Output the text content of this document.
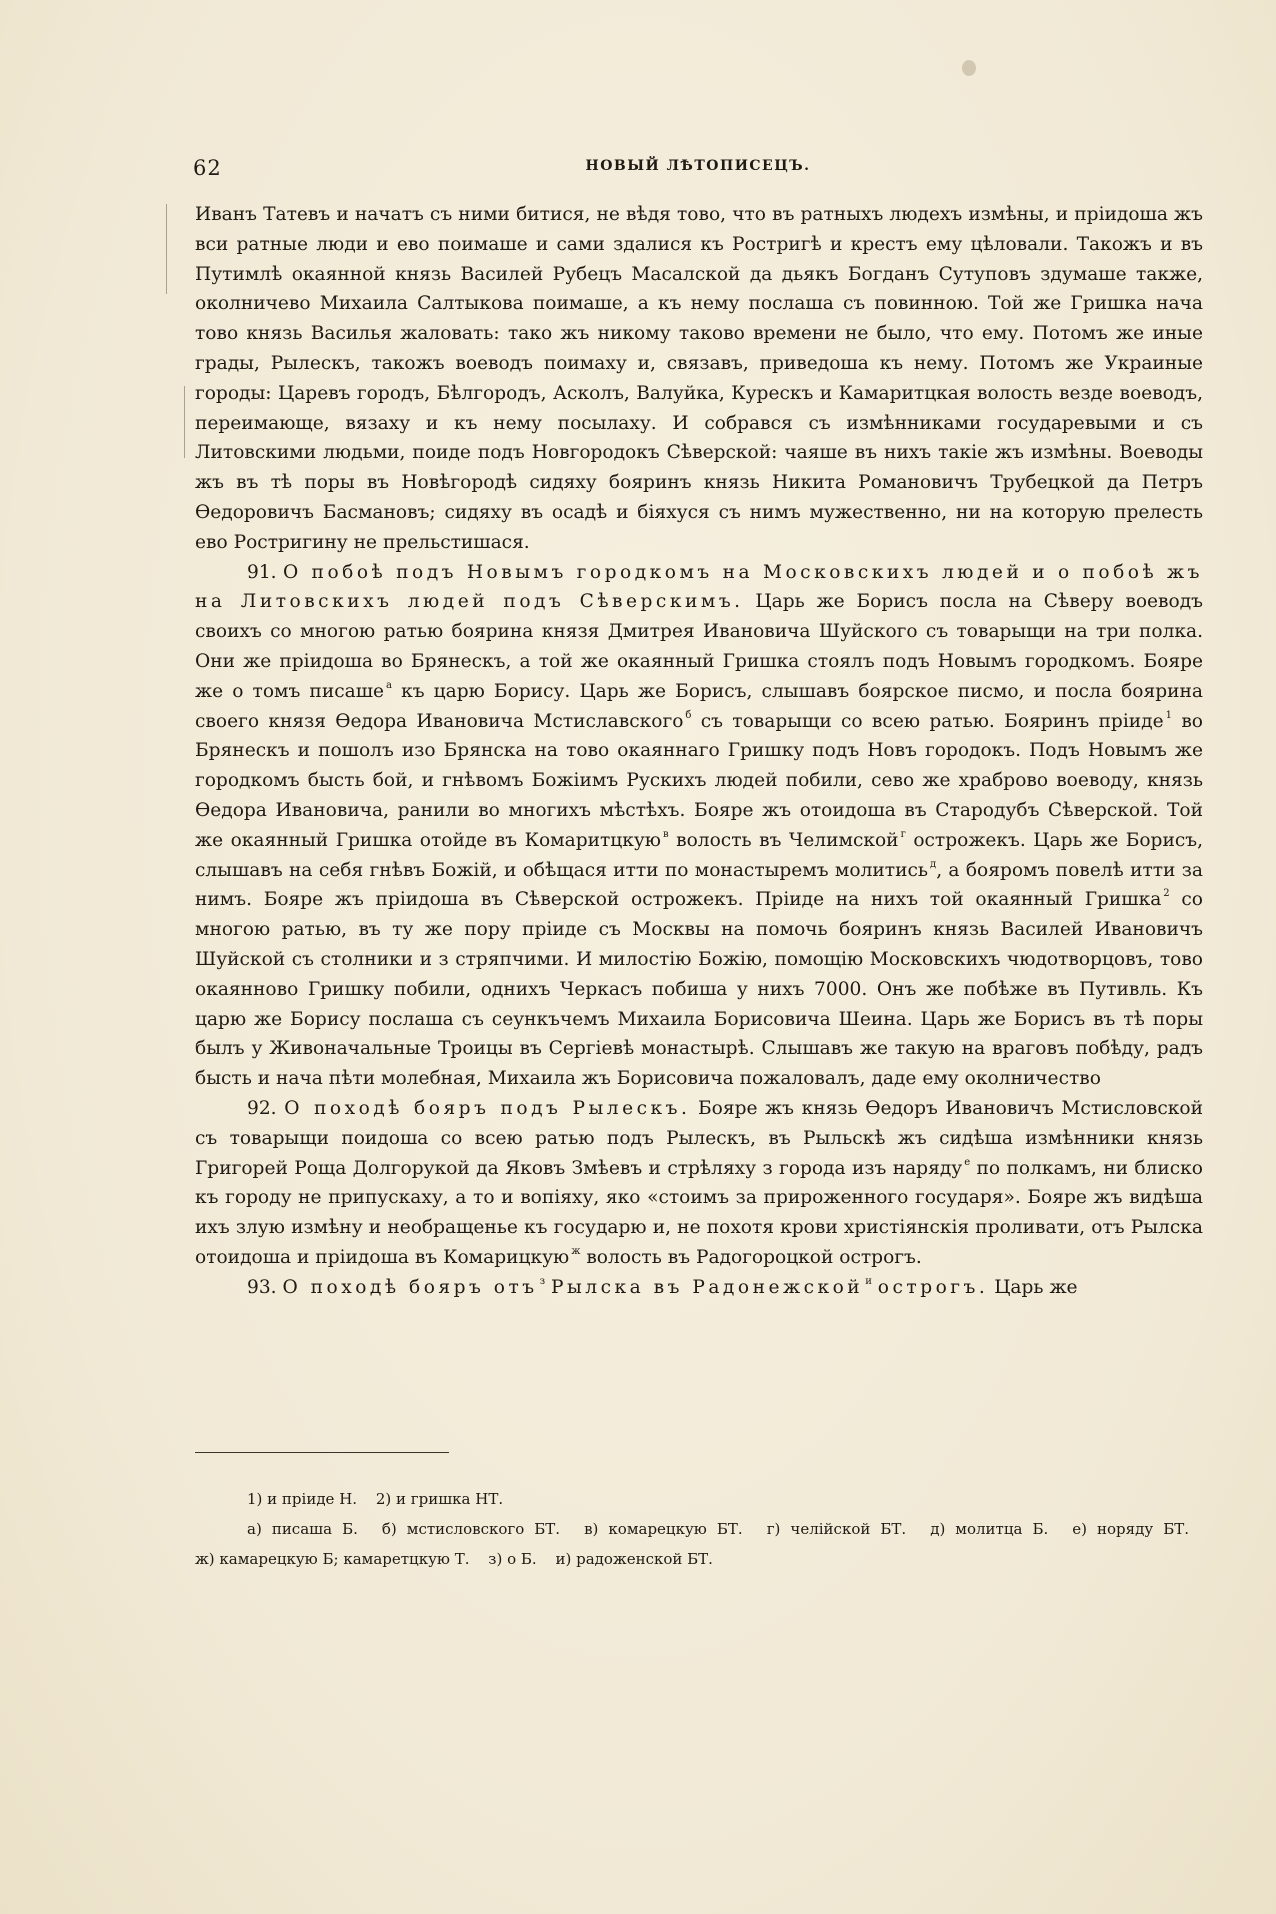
62	НОВЫЙ ЛѢТОПИСЕЦЪ.

Иванъ Татевъ и начатъ съ ними битися, не вѣдя тово, что въ ратныхъ людехъ измѣны, и пріидоша жъ вси ратные люди и ево поимаше и сами здалися къ Ростригѣ и крестъ ему цѣловали. Такожъ и въ Путимлѣ окаянной князь Василей Рубецъ Масалской да дьякъ Богданъ Сутуповъ здумаше также, околничево Михаила Салтыкова поимаше, а къ нему послаша съ повинною. Той же Гришка нача тово князь Василья жаловать: тако жъ никому таково времени не было, что ему. Потомъ же иные грады, Рылескъ, такожъ воеводъ поимаху и, связавъ, приведоша къ нему. Потомъ же Украиные городы: Царевъ городъ, Бѣлгородъ, Асколъ, Валуйка, Курескъ и Камаритцкая волость везде воеводъ, переимающе, вязаху и къ нему посылаху. И собрався съ измѣнниками государевыми и съ Литовскими людьми, поиде подъ Новгородокъ Сѣверской: чаяше въ нихъ такіе жъ измѣны. Воеводы жъ въ тѣ поры въ Новѣгородѣ сидяху бояринъ князь Никита Романовичъ Трубецкой да Петръ Ѳедоровичъ Басмановъ; сидяху въ осадѣ и біяхуся съ нимъ мужественно, ни на которую прелесть ево Ростригину не прельстишася.

91. О побоѣ подъ Новымъ городкомъ на Московскихъ людей и о побоѣ жъ на Литовскихъ людей подъ Сѣверскимъ. Царь же Борисъ посла на Сѣверу воеводъ своихъ со многою ратью боярина князя Дмитрея Ивановича Шуйского съ товарыщи на три полка. Они же пріидоша во Брянескъ, а той же окаянный Гришка стоялъ подъ Новымъ городкомъ. Бояре же о томъ писаше $^а$ къ царю Борису. Царь же Борисъ, слышавъ боярское писмо, и посла боярина своего князя Ѳедора Ивановича Мстиславского $^б$ съ товарыщи со всею ратью. Бояринъ пріиде $^1$ во Брянескъ и пошолъ изо Брянска на тово окаяннаго Гришку подъ Новъ городокъ. Подъ Новымъ же городкомъ бысть бой, и гнѣвомъ Божіимъ Рускихъ людей побили, сево же храброво воеводу, князь Ѳедора Ивановича, ранили во многихъ мѣстѣхъ. Бояре жъ отоидоша въ Стародубъ Сѣверской. Той же окаянный Гришка отойде въ Комаритцкую $^в$ волость въ Челимской $^г$ острожекъ. Царь же Борисъ, слышавъ на себя гнѣвъ Божій, и обѣщася итти по монастыремъ молитись $^д$, а бояромъ повелѣ итти за нимъ. Бояре жъ пріидоша въ Сѣверской острожекъ. Пріиде на нихъ той окаянный Гришка $^2$ со многою ратью, въ ту же пору пріиде съ Москвы на помочь бояринъ князь Василей Ивановичъ Шуйской съ столники и з стряпчими. И милостію Божію, помощію Московскихъ чюдотворцовъ, тово окаянново Гришку побили, однихъ Черкасъ побиша у нихъ 7000. Онъ же побѣже въ Путивль. Къ царю же Борису послаша съ сеункъчемъ Михаила Борисовича Шеина. Царь же Борисъ въ тѣ поры былъ у Живоначальные Троицы въ Сергіевѣ монастырѣ. Слышавъ же такую на враговъ побѣду, радъ бысть и нача пѣти молебная, Михаила жъ Борисовича пожаловалъ, даде ему околничество

92. О походѣ бояръ подъ Рылескъ. Бояре жъ князь Ѳедоръ Ивановичъ Мстисловской съ товарыщи поидоша со всею ратью подъ Рылескъ, въ Рыльскѣ жъ сидѣша измѣнники князь Григорей Роща Долгорукой да Яковъ Змѣевъ и стрѣляху з города изъ наряду $^е$ по полкамъ, ни блиско къ городу не припускаху, а то и вопіяху, яко «стоимъ за прироженного государя». Бояре жъ видѣша ихъ злую измѣну и необращенье къ государю и, не похотя крови христіянскія проливати, отъ Рылска отоидоша и пріидоша въ Комарицкую $^ж$ волость въ Радогороцкой острогъ.

93. О походѣ бояръ отъ $^з$ Рылска въ Радонежской $^и$ острогъ. Царь же

1) и пріиде Н. 2) и гришка НТ.

а) писаша Б. б) мстисловского БТ. в) комарецкую БТ. г) челійской БТ. д) молитца Б. е) норяду БТ. ж) камарецкую Б; камаретцкую Т. з) о Б. и) радоженской БТ.
